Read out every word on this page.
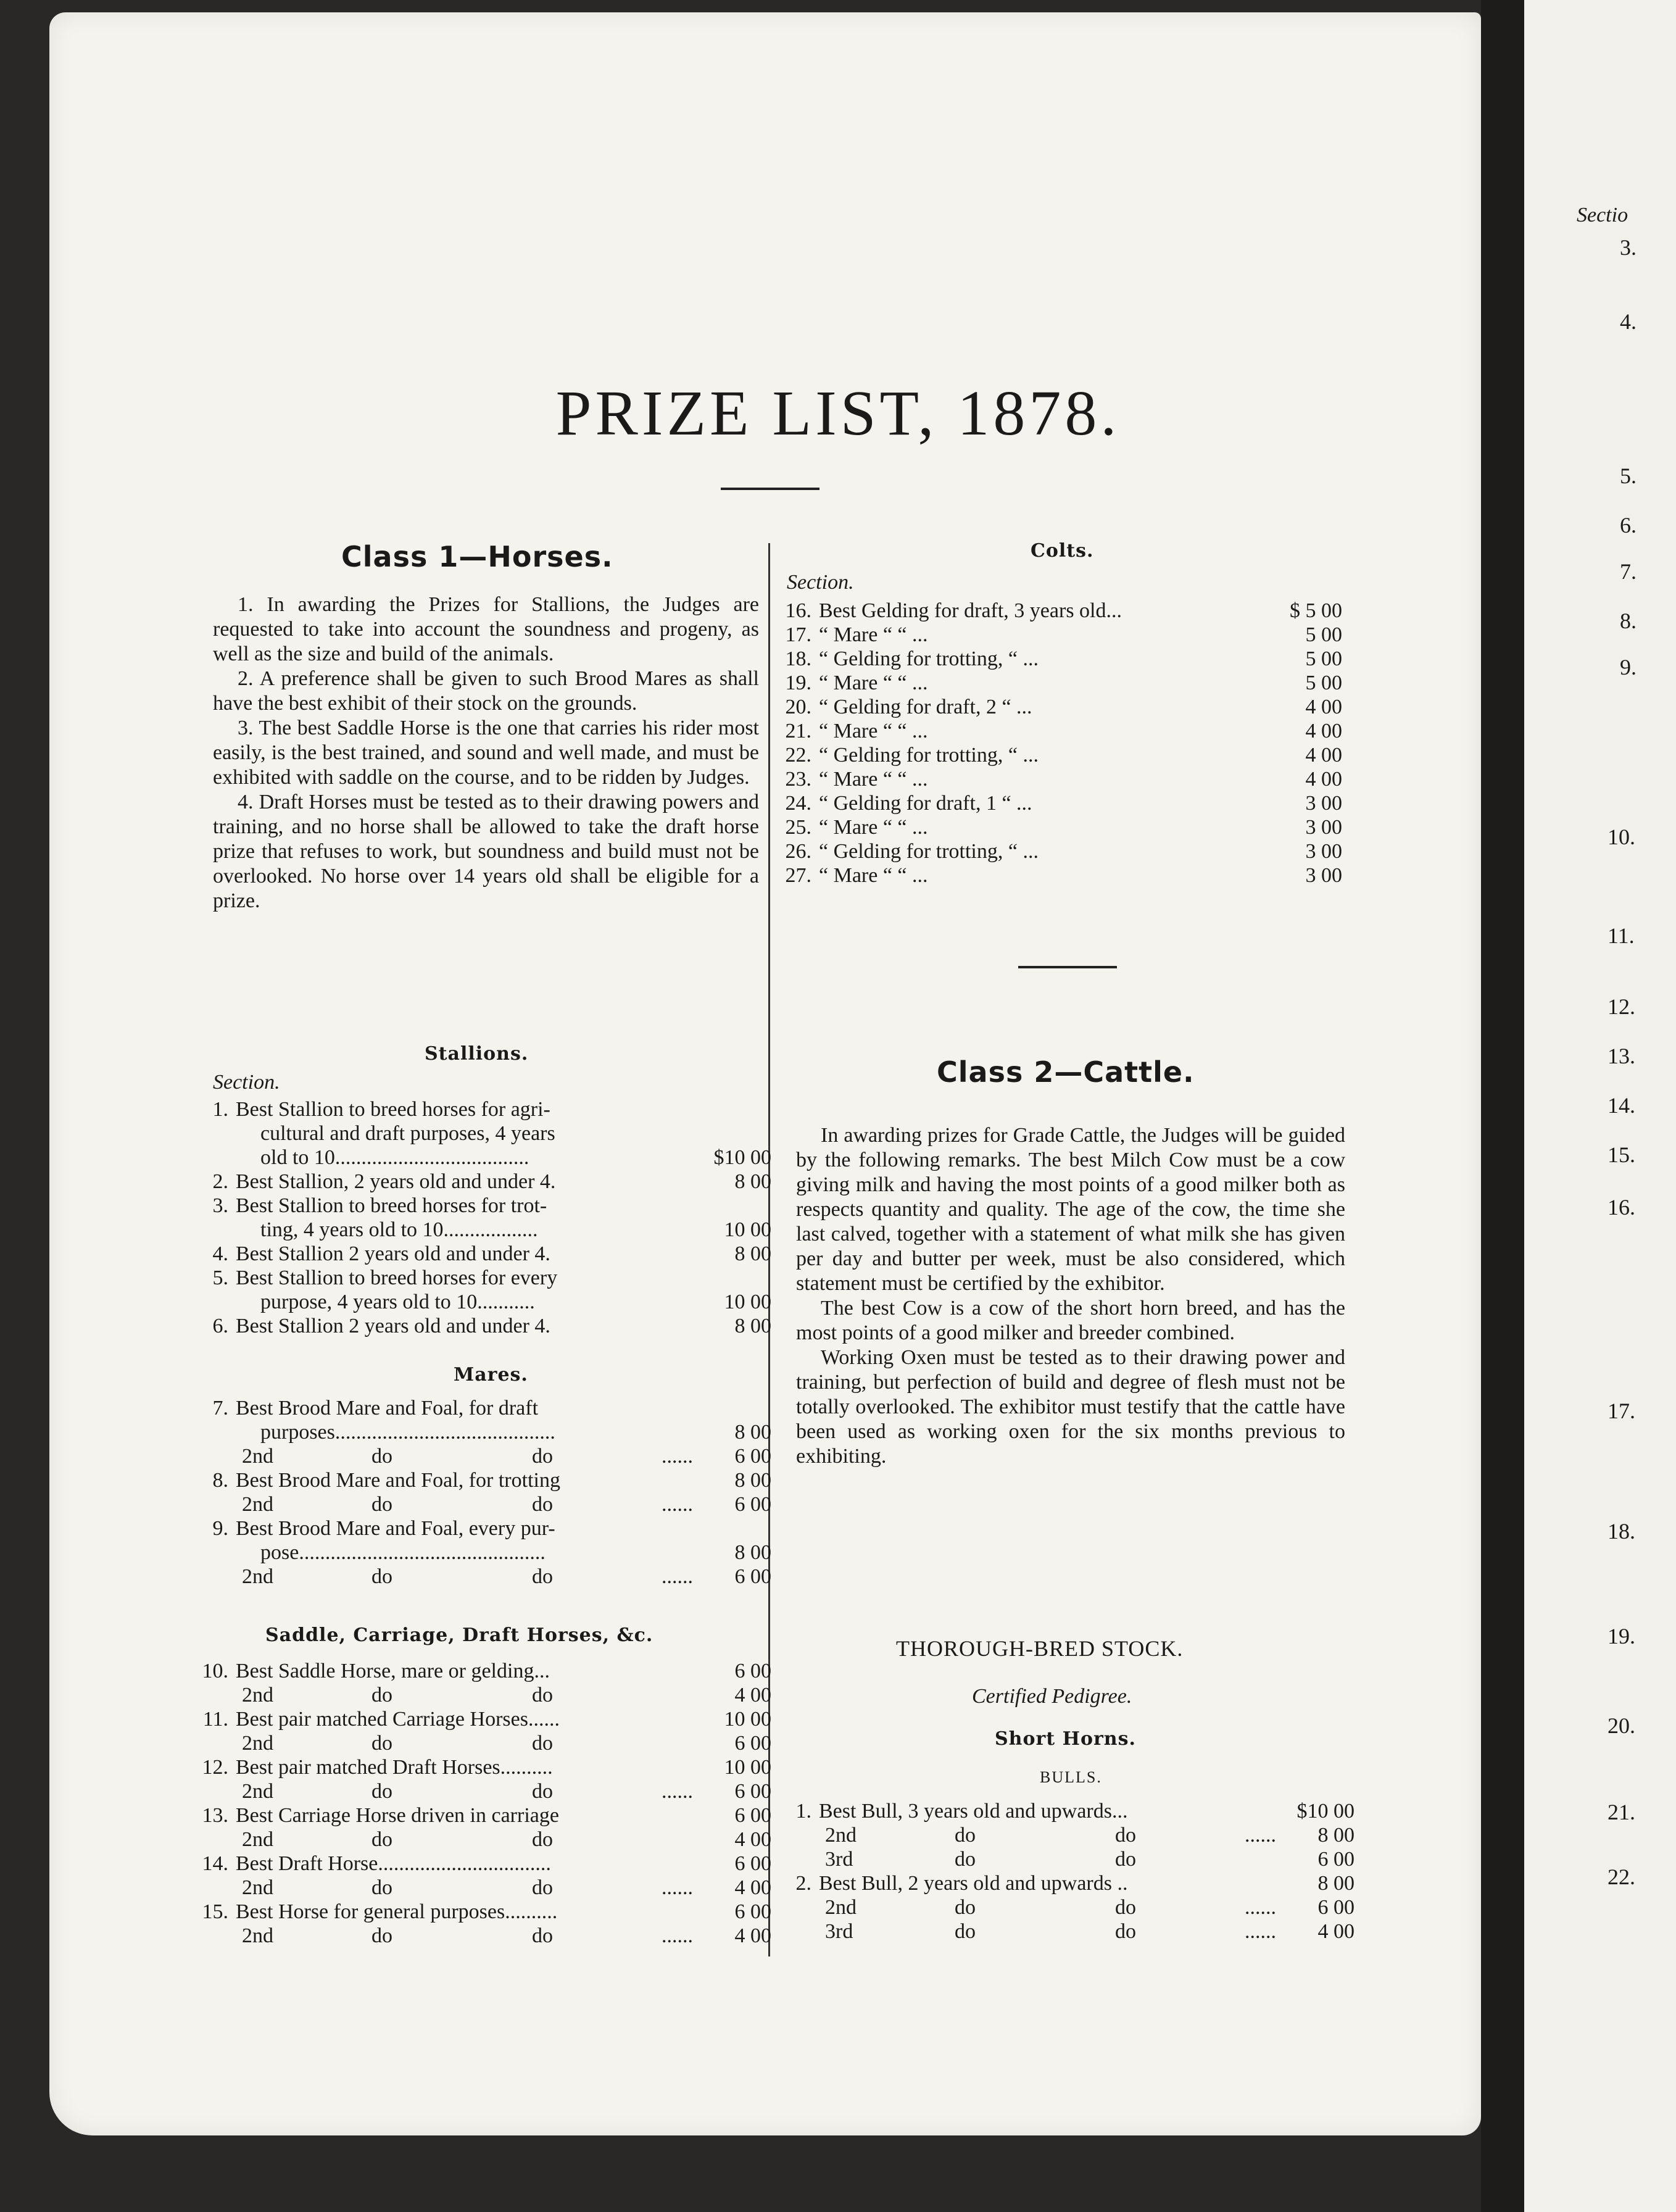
PRIZE LIST, 1878.
Class 1—Horses.

1. In awarding the Prizes for Stallions, the Judges are requested to take into account the soundness and progeny, as well as the size and build of the animals.

2. A preference shall be given to such Brood Mares as shall have the best exhibit of their stock on the grounds.

3. The best Saddle Horse is the one that carries his rider most easily, is the best trained, and sound and well made, and must be exhibited with saddle on the course, and to be ridden by Judges.

4. Draft Horses must be tested as to their drawing powers and training, and no horse shall be allowed to take the draft horse prize that refuses to work, but soundness and build must not be overlooked. No horse over 14 years old shall be eligible for a prize.

Stallions.
Section.
1. Best Stallion to breed horses for agri-
cultural and draft purposes, 4 years
old to 10.....................................	$10 00
2. Best Stallion, 2 years old and under 4.	8 00
3. Best Stallion to breed horses for trot-
ting, 4 years old to 10..................	10 00
4. Best Stallion 2 years old and under 4.	8 00
5. Best Stallion to breed horses for every
purpose, 4 years old to 10...........	10 00
6. Best Stallion 2 years old and under 4.	8 00
Mares.
7. Best Brood Mare and Foal, for draft
purposes..........................................	8 00
2nd	do	do	......	6 00
8. Best Brood Mare and Foal, for trotting	8 00
2nd	do	do	......	6 00
9. Best Brood Mare and Foal, every pur-
pose...............................................	8 00
2nd	do	do	......	6 00
Saddle, Carriage, Draft Horses, &c.
10. Best Saddle Horse, mare or gelding...	6 00
2nd	do	do	4 00
11. Best pair matched Carriage Horses......	10 00
2nd	do	do	6 00
12. Best pair matched Draft Horses..........	10 00
2nd	do	do	......	6 00
13. Best Carriage Horse driven in carriage	6 00
2nd	do	do	4 00
14. Best Draft Horse.................................	6 00
2nd	do	do	......	4 00
15. Best Horse for general purposes..........	6 00
2nd	do	do	......	4 00
Colts.
Section.
16. Best Gelding for draft, 3 years old...	$ 5 00
17. “ Mare “ “ ...	5 00
18. “ Gelding for trotting, “ ...	5 00
19. “ Mare “ “ ...	5 00
20. “ Gelding for draft, 2 “ ...	4 00
21. “ Mare “ “ ...	4 00
22. “ Gelding for trotting, “ ...	4 00
23. “ Mare “ “ ...	4 00
24. “ Gelding for draft, 1 “ ...	3 00
25. “ Mare “ “ ...	3 00
26. “ Gelding for trotting, “ ...	3 00
27. “ Mare “ “ ...	3 00
Class 2—Cattle.

In awarding prizes for Grade Cattle, the Judges will be guided by the following remarks. The best Milch Cow must be a cow giving milk and having the most points of a good milker both as respects quantity and quality. The age of the cow, the time she last calved, together with a statement of what milk she has given per day and butter per week, must be also considered, which statement must be certified by the exhibitor.

The best Cow is a cow of the short horn breed, and has the most points of a good milker and breeder combined.

Working Oxen must be tested as to their drawing power and training, but perfection of build and degree of flesh must not be totally overlooked. The exhibitor must testify that the cattle have been used as working oxen for the six months previous to exhibiting.

THOROUGH-BRED STOCK.
Certified Pedigree.
Short Horns.
BULLS.
1. Best Bull, 3 years old and upwards...	$10 00
2nd	do	do	......	8 00
3rd	do	do	6 00
2. Best Bull, 2 years old and upwards ..	8 00
2nd	do	do	......	6 00
3rd	do	do	......	4 00
Sectio
3.
4.
5.
6.
7.
8.
9.
10.
11.
12.
13.
14.
15.
16.
17.
18.
19.
20.
21.
22.
